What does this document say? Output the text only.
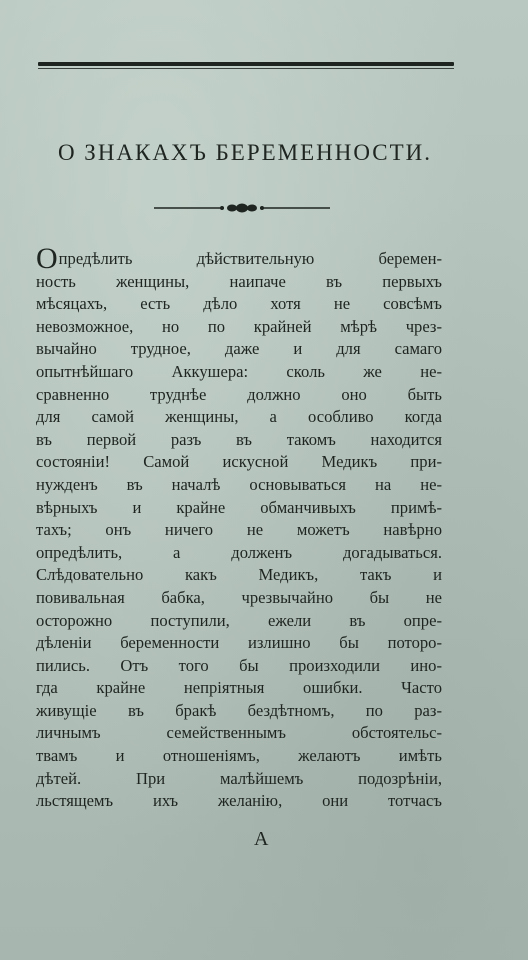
О ЗНАКАХЪ БЕРЕМЕННОСТИ.
Опредѣлить дѣйствительную беремен-
ность женщины, наипаче въ первыхъ
мѣсяцахъ, есть дѣло хотя не совсѣмъ
невозможное, но по крайней мѣрѣ чрез-
вычайно трудное, даже и для самаго
опытнѣйшаго Аккушера: сколь же не-
сравненно труднѣе должно оно быть
для самой женщины, а особливо когда
въ первой разъ въ такомъ находится
состоянiи! Самой искусной Медикъ при-
нужденъ въ началѣ основываться на не-
вѣрныхъ и крайне обманчивыхъ примѣ-
тахъ; онъ ничего не можетъ навѣрно
опредѣлить, а долженъ догадываться.
Слѣдовательно какъ Медикъ, такъ и
повивальная бабка, чрезвычайно бы не
осторожно поступили, ежели въ опре-
дѣленiи беременности излишно бы поторо-
пились. Отъ того бы произходили ино-
гда крайне непрiятныя ошибки. Часто
живущiе въ бракѣ бездѣтномъ, по раз-
личнымъ семейственнымъ обстоятельс-
твамъ и отношенiямъ, желаютъ имѣть
дѣтей. При малѣйшемъ подозрѣнiи,
льстящемъ ихъ желанiю, они тотчасъ
А
